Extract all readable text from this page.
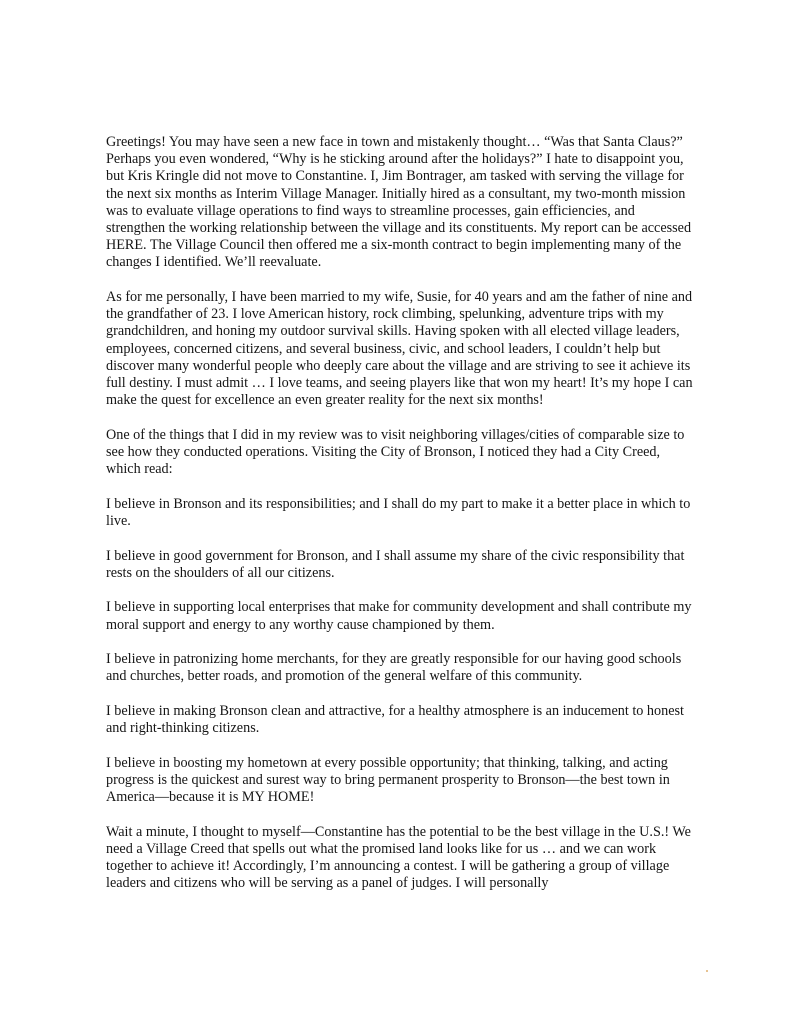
Greetings! You may have seen a new face in town and mistakenly thought… “Was that Santa Claus?” Perhaps you even wondered, “Why is he sticking around after the holidays?” I hate to disappoint you, but Kris Kringle did not move to Constantine. I, Jim Bontrager, am tasked with serving the village for the next six months as Interim Village Manager. Initially hired as a consultant, my two-month mission was to evaluate village operations to find ways to streamline processes, gain efficiencies, and strengthen the working relationship between the village and its constituents. My report can be accessed HERE. The Village Council then offered me a six-month contract to begin implementing many of the changes I identified. We’ll reevaluate.

As for me personally, I have been married to my wife, Susie, for 40 years and am the father of nine and the grandfather of 23. I love American history, rock climbing, spelunking, adventure trips with my grandchildren, and honing my outdoor survival skills. Having spoken with all elected village leaders, employees, concerned citizens, and several business, civic, and school leaders, I couldn’t help but discover many wonderful people who deeply care about the village and are striving to see it achieve its full destiny. I must admit … I love teams, and seeing players like that won my heart! It’s my hope I can make the quest for excellence an even greater reality for the next six months!

One of the things that I did in my review was to visit neighboring villages/cities of comparable size to see how they conducted operations. Visiting the City of Bronson, I noticed they had a City Creed, which read:

I believe in Bronson and its responsibilities; and I shall do my part to make it a better place in which to live.

I believe in good government for Bronson, and I shall assume my share of the civic responsibility that rests on the shoulders of all our citizens.

I believe in supporting local enterprises that make for community development and shall contribute my moral support and energy to any worthy cause championed by them.

I believe in patronizing home merchants, for they are greatly responsible for our having good schools and churches, better roads, and promotion of the general welfare of this community.

I believe in making Bronson clean and attractive, for a healthy atmosphere is an inducement to honest and right-thinking citizens.

I believe in boosting my hometown at every possible opportunity; that thinking, talking, and acting progress is the quickest and surest way to bring permanent prosperity to Bronson—the best town in America—because it is MY HOME!

Wait a minute, I thought to myself—Constantine has the potential to be the best village in the U.S.! We need a Village Creed that spells out what the promised land looks like for us … and we can work together to achieve it! Accordingly, I’m announcing a contest. I will be gathering a group of village leaders and citizens who will be serving as a panel of judges. I will personally
